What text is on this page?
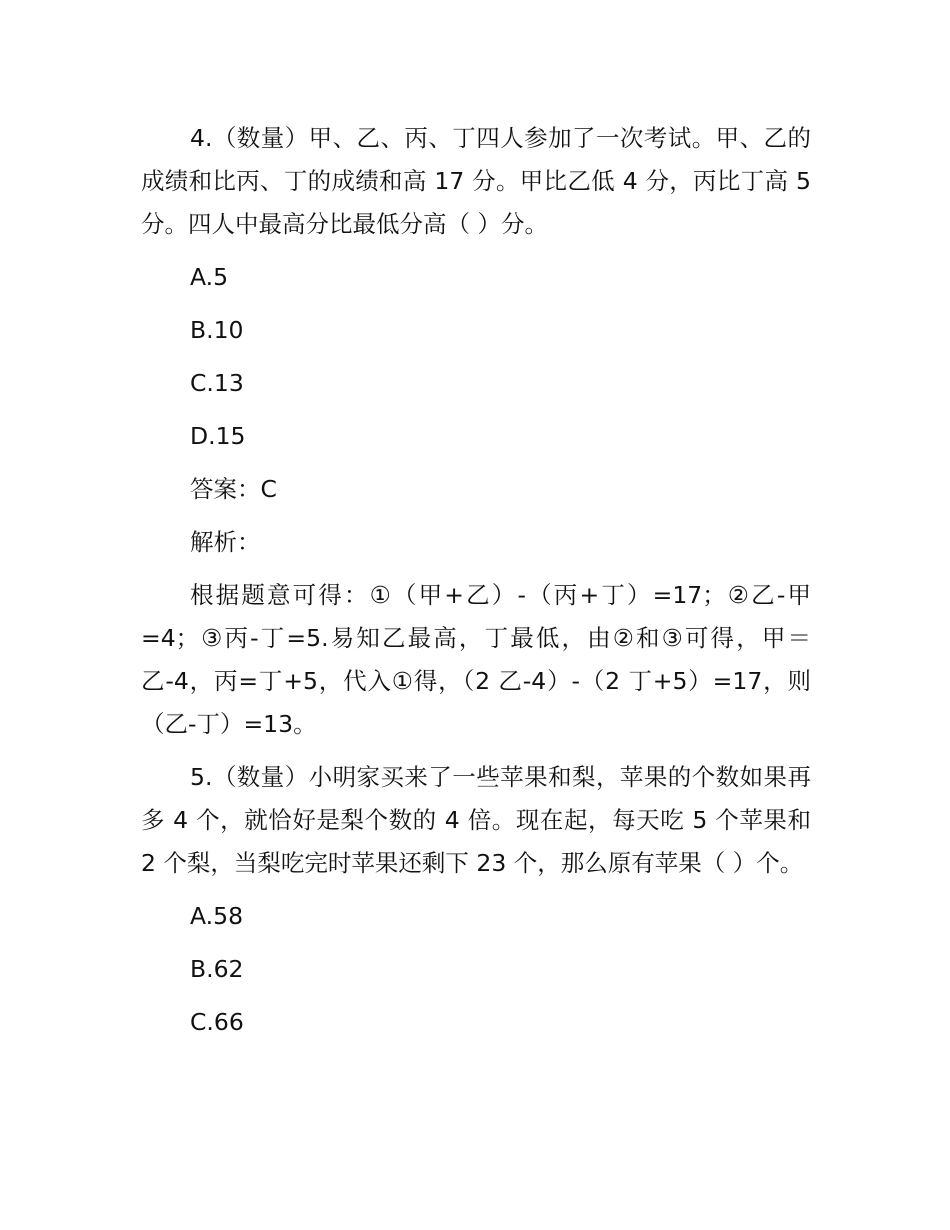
4.（数量）甲、乙、丙、丁四人参加了一次考试。甲、乙的成绩和比丙、丁的成绩和高 17 分。甲比乙低 4 分，丙比丁高 5 分。四人中最高分比最低分高（ ）分。

A.5
B.10
C.13
D.15
答案：C
解析：

根据题意可得：①（甲+乙）-（丙+丁）=17；②乙-甲=4；③丙-丁=5.易知乙最高，丁最低，由②和③可得，甲＝乙-4，丙=丁+5，代入①得，（2 乙-4）-（2 丁+5）=17，则（乙-丁）=13。

5.（数量）小明家买来了一些苹果和梨，苹果的个数如果再多 4 个，就恰好是梨个数的 4 倍。现在起，每天吃 5 个苹果和 2 个梨，当梨吃完时苹果还剩下 23 个，那么原有苹果（ ）个。

A.58
B.62
C.66
